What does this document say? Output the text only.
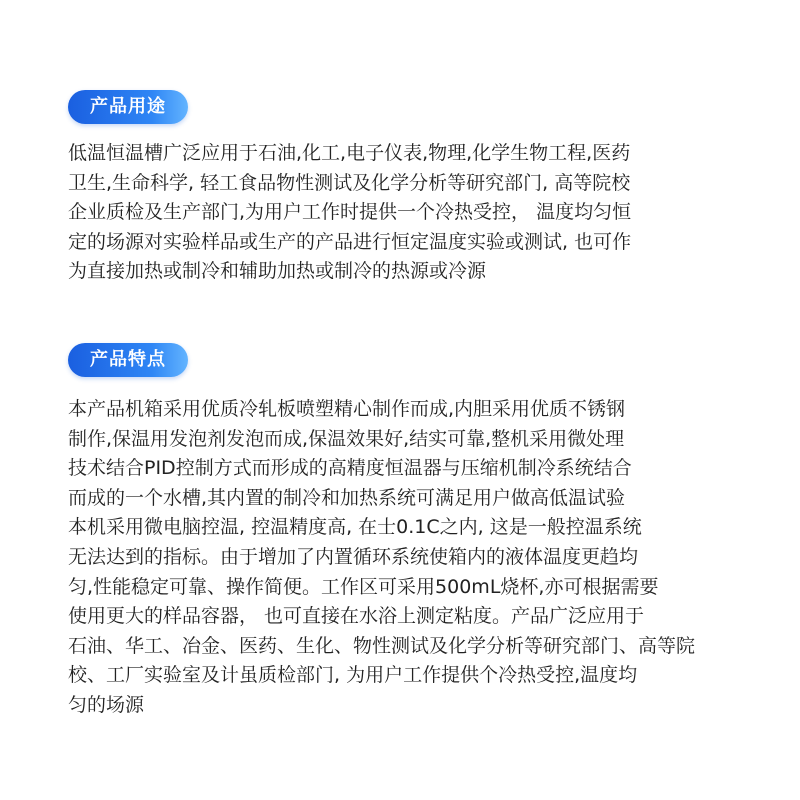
产品用途
低温恒温槽广泛应用于石油,化工,电子仪表,物理,化学生物工程,医药
卫生,生命科学, 轻工食品物性测试及化学分析等研究部门, 高等院校
企业质检及生产部门,为用户工作时提供一个冷热受控， 温度均匀恒
定的场源对实验样品或生产的产品进行恒定温度实验或测试, 也可作
为直接加热或制冷和辅助加热或制冷的热源或冷源
产品特点
本产品机箱采用优质冷轧板喷塑精心制作而成,内胆采用优质不锈钢
制作,保温用发泡剂发泡而成,保温效果好,结实可靠,整机采用微处理
技术结合PID控制方式而形成的高精度恒温器与压缩机制冷系统结合
而成的一个水槽,其内置的制冷和加热系统可满足用户做高低温试验
本机采用微电脑控温, 控温精度高, 在士0.1C之内, 这是一般控温系统
无法达到的指标。由于增加了内置循环系统使箱内的液体温度更趋均
匀,性能稳定可靠、操作简便。工作区可采用500mL烧杯,亦可根据需要
使用更大的样品容器， 也可直接在水浴上测定粘度。产品广泛应用于
石油、华工、冶金、医药、生化、物性测试及化学分析等研究部门、高等院
校、工厂实验室及计虽质检部门, 为用户工作提供个冷热受控,温度均
匀的场源
